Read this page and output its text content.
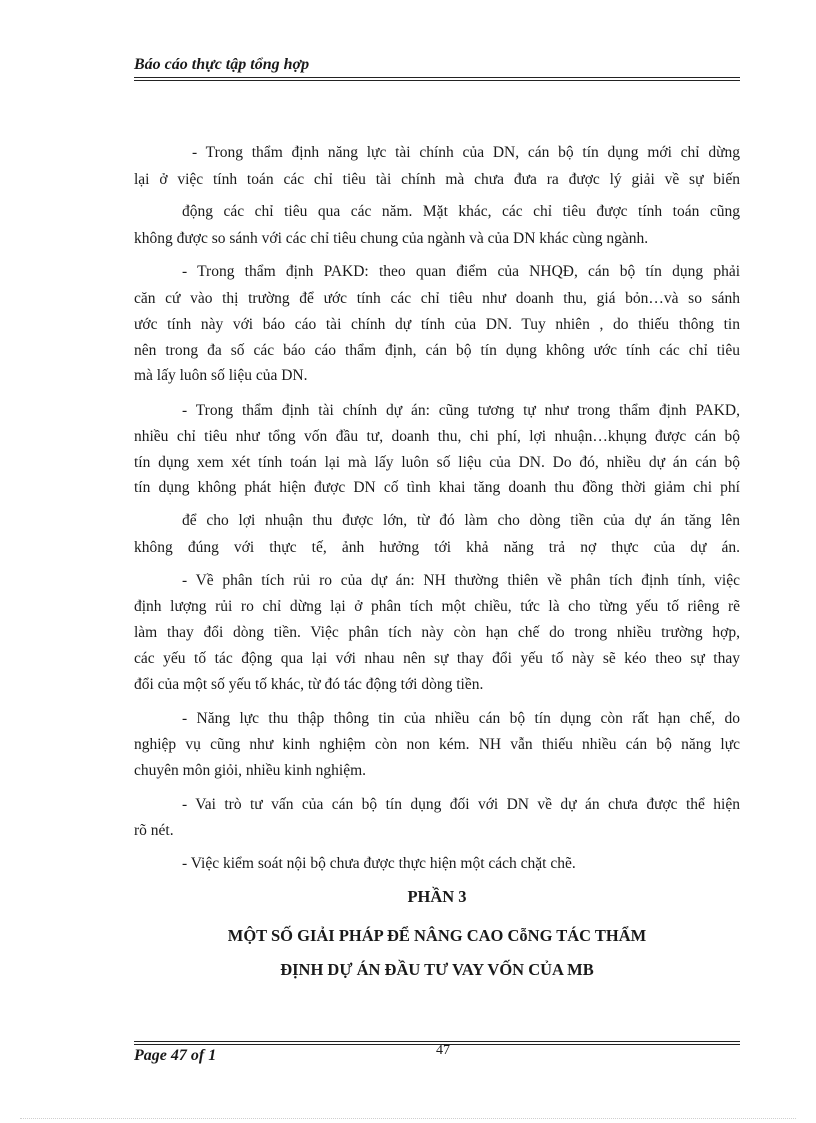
Báo cáo thực tập tổng hợp
- Trong thẩm định năng lực tài chính của DN, cán bộ tín dụng mới chỉ dừng
lại ở việc tính toán các chỉ tiêu tài chính mà chưa đưa ra được lý giải về sự biến
động các chỉ tiêu qua các năm. Mặt khác, các chỉ tiêu được tính toán cũng
không được so sánh với các chỉ tiêu chung của ngành và của DN khác cùng ngành.
- Trong thẩm định PAKD: theo quan điểm của NHQĐ, cán bộ tín dụng phải
căn cứ vào thị trường để ước tính các chỉ tiêu như doanh thu, giá bỏn…và so sánh
ước tính này với báo cáo tài chính dự tính của DN. Tuy nhiên , do thiếu thông tin
nên trong đa số các báo cáo thẩm định, cán bộ tín dụng không ước tính các chỉ tiêu
mà lấy luôn số liệu của DN.
- Trong thẩm định tài chính dự án: cũng tương tự như trong thẩm định PAKD,
nhiều chỉ tiêu như tổng vốn đầu tư, doanh thu, chi phí, lợi nhuận…khụng được cán bộ
tín dụng xem xét tính toán lại mà lấy luôn số liệu của DN. Do đó, nhiều dự án cán bộ
tín dụng không phát hiện được DN cố tình khai tăng doanh thu đồng thời giảm chi phí
để cho lợi nhuận thu được lớn, từ đó làm cho dòng tiền của dự án tăng lên
không đúng với thực tế, ảnh hưởng tới khả năng trả nợ thực của dự án.
- Về phân tích rủi ro của dự án: NH thường thiên về phân tích định tính, việc
định lượng rủi ro chỉ dừng lại ở phân tích một chiều, tức là cho từng yếu tố riêng rẽ
làm thay đổi dòng tiền. Việc phân tích này còn hạn chế do trong nhiều trường hợp,
các yếu tố tác động qua lại với nhau nên sự thay đổi yếu tố này sẽ kéo theo sự thay
đổi của một số yếu tố khác, từ đó tác động tới dòng tiền.
- Năng lực thu thập thông tin của nhiều cán bộ tín dụng còn rất hạn chế, do
nghiệp vụ cũng như kinh nghiệm còn non kém. NH vẫn thiếu nhiều cán bộ năng lực
chuyên môn giỏi, nhiều kinh nghiệm.
- Vai trò tư vấn của cán bộ tín dụng đối với DN về dự án chưa được thể hiện
rõ nét.
- Việc kiểm soát nội bộ chưa được thực hiện một cách chặt chẽ.
PHẦN 3
MỘT SỐ GIẢI PHÁP ĐỂ NÂNG CAO CỗNG TÁC THẨM
ĐỊNH DỰ ÁN ĐẦU TƯ VAY VỐN CỦA MB
47
Page 47 of 1
